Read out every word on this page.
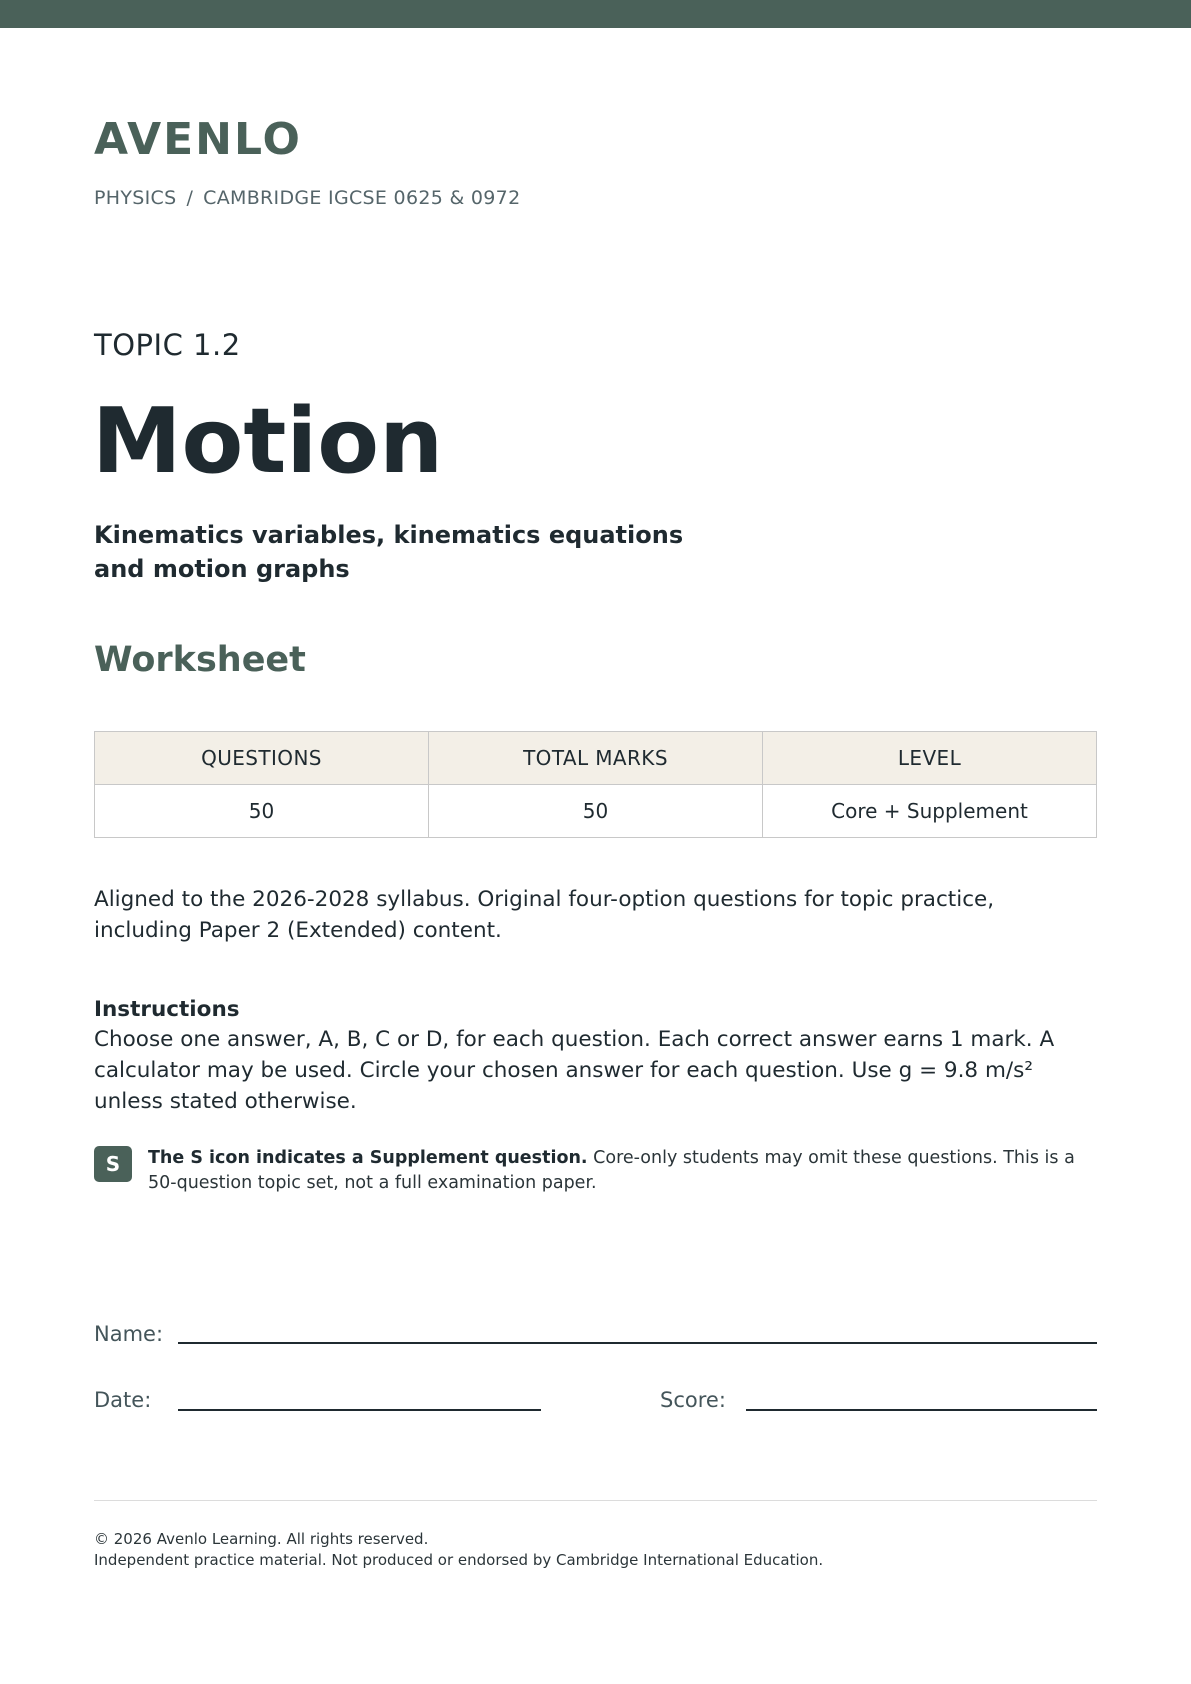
AVENLO
PHYSICS / CAMBRIDGE IGCSE 0625 & 0972
TOPIC 1.2
Motion
Kinematics variables, kinematics equations and motion graphs
Worksheet
QUESTIONS	TOTAL MARKS	LEVEL
50	50	Core + Supplement
Aligned to the 2026-2028 syllabus. Original four-option questions for topic practice, including Paper 2 (Extended) content.
Instructions
Choose one answer, A, B, C or D, for each question. Each correct answer earns 1 mark. A calculator may be used. Circle your chosen answer for each question. Use g = 9.8 m/s² unless stated otherwise.
S	The S icon indicates a Supplement question. Core-only students may omit these questions. This is a 50-question topic set, not a full examination paper.
Name:
Date:	Score:
© 2026 Avenlo Learning. All rights reserved.
Independent practice material. Not produced or endorsed by Cambridge International Education.
